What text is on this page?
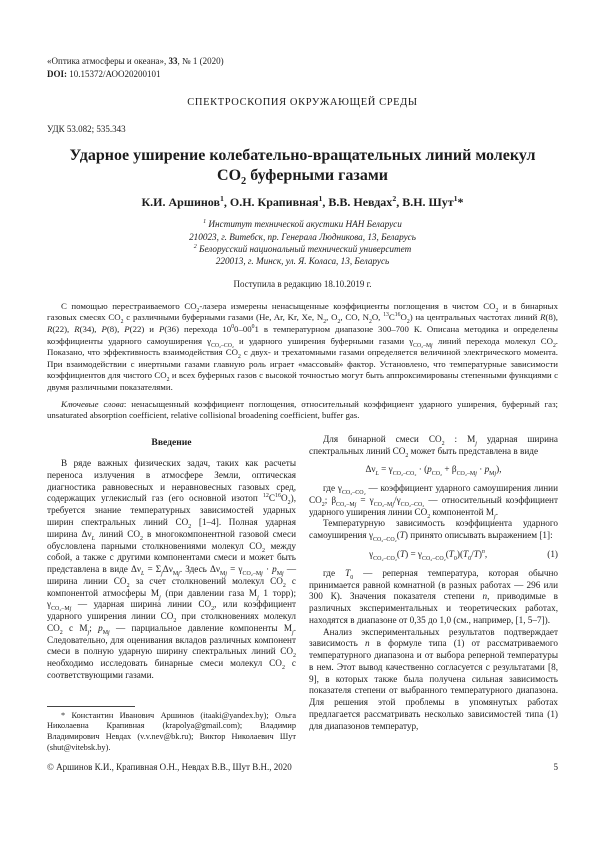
«Оптика атмосферы и океана», 33, № 1 (2020)
DOI: 10.15372/АОО20200101
СПЕКТРОСКОПИЯ ОКРУЖАЮЩЕЙ СРЕДЫ
УДК 53.082; 535.343
Ударное уширение колебательно-вращательных линий молекул $CO_2$ буферными газами
К.И. Аршинов$^1$, О.Н. Крапивная$^1$, В.В. Невдах$^2$, В.Н. Шут$^1$*
$^1$ Институт технической акустики НАН Беларуси
210023, г. Витебск, пр. Генерала Людникова, 13, Беларусь
$^2$ Белорусский национальный технический университет
220013, г. Минск, ул. Я. Коласа, 13, Беларусь
Поступила в редакцию 18.10.2019 г.

С помощью перестраиваемого $СО_2$-лазера измерены ненасыщенные коэффициенты поглощения в чистом $СО_2$ и в бинарных газовых смесях $СО_2$ с различными буферными газами (He, Ar, Kr, Xe, $N_2$, $O_2$, CO, $N_2O$, $^{13}C^{16}O_2$) на центральных частотах линий R(8), R(22), R(34), P(8), P(22) и P(36) перехода $10^00-00^01$ в температурном диапазоне 300–700 К. Описана методика и определены коэффициенты ударного самоуширения $\gamma_{CO_2-CO_2}$ и ударного уширения буферными газами $\gamma_{CO_2-Mj}$ линий перехода молекул $СО_2$. Показано, что эффективность взаимодействия $СО_2$ с двух- и трехатомными газами определяется величиной электрического момента. При взаимодействии с инертными газами главную роль играет «массовый» фактор. Установлено, что температурные зависимости коэффициентов для чистого $СО_2$ и всех буферных газов с высокой точностью могут быть аппроксимированы степенными функциями с двумя различными показателями.

Ключевые слова: ненасыщенный коэффициент поглощения, относительный коэффициент ударного уширения, буферный газ; unsaturated absorption coefficient, relative collisional broadening coefficient, buffer gas.

Введение

В ряде важных физических задач, таких как расчеты переноса излучения в атмосфере Земли, оптическая диагностика равновесных и неравновесных газовых сред, содержащих углекислый газ (его основной изотоп $^{12}C^{16}O_2$), требуется знание температурных зависимостей ударных ширин спектральных линий $CO_2$ [1–4]. Полная ударная ширина $\Delta\nu_L$ линий $CO_2$ в многокомпонентной газовой смеси обусловлена парными столкновениями молекул $CO_2$ между собой, а также с другими компонентами смеси и может быть представлена в виде $\Delta\nu_L = \Sigma_j\Delta\nu_{Mj}$. Здесь $\Delta\nu_{Mj} = \gamma_{CO_2-Mj} \cdot p_{Mj}$ — ширина линии $CO_2$ за счет столкновений молекул $CO_2$ с компонентой атмосферы $M_j$ (при давлении газа $M_j$ 1 торр); $\gamma_{CO_2-Mj}$ — ударная ширина линии $CO_2$, или коэффициент ударного уширения линии $CO_2$ при столкновениях молекул $CO_2$ с $M_j$; $p_{Mj}$ — парциальное давление компоненты $M_j$. Следовательно, для оценивания вкладов различных компонент смеси в полную ударную ширину спектральных линий $CO_2$ необходимо исследовать бинарные смеси молекул $CO_2$ с соответствующими газами.

* Константин Иванович Аршинов (itaaki@yandex.by); Ольга Николаевна Крапивная (krapolya@gmail.com); Владимир Владимирович Невдах (v.v.nev@bk.ru); Виктор Николаевич Шут (shut@vitebsk.by).

Для бинарной смеси $CO_2$ : $M_j$ ударная ширина спектральных линий $CO_2$ может быть представлена в виде

$\Delta\nu_L = \gamma_{CO_2-CO_2} \cdot (p_{CO_2} + \beta_{CO_2-Mj} \cdot p_{Mj})$,

где $\gamma_{CO_2-CO_2}$ — коэффициент ударного самоуширения линии $CO_2$; $\beta_{CO_2-Mj} = \gamma_{CO_2-Mj}/\gamma_{CO_2-CO_2}$ — относительный коэффициент ударного уширения линии $CO_2$ компонентой $M_j$.

Температурную зависимость коэффициента ударного самоуширения $\gamma_{CO_2-CO_2}(T)$ принято описывать выражением [1]:

$\gamma_{CO_2-CO_2}(T) = \gamma_{CO_2-CO_2}(T_0)(T_0/T)^n$,	(1)

где $T_0$ — реперная температура, которая обычно принимается равной комнатной (в разных работах — 296 или 300 К). Значения показателя степени n, приводимые в различных экспериментальных и теоретических работах, находятся в диапазоне от 0,35 до 1,0 (см., например, [1, 5–7]).

Анализ экспериментальных результатов подтверждает зависимость n в формуле типа (1) от рассматриваемого температурного диапазона и от выбора реперной температуры в нем. Этот вывод качественно согласуется с результатами [8, 9], в которых также была получена сильная зависимость показателя степени от выбранного температурного диапазона. Для решения этой проблемы в упомянутых работах предлагается рассматривать несколько зависимостей типа (1) для диапазонов температур,

© Аршинов К.И., Крапивная О.Н., Невдах В.В., Шут В.Н., 2020	5
